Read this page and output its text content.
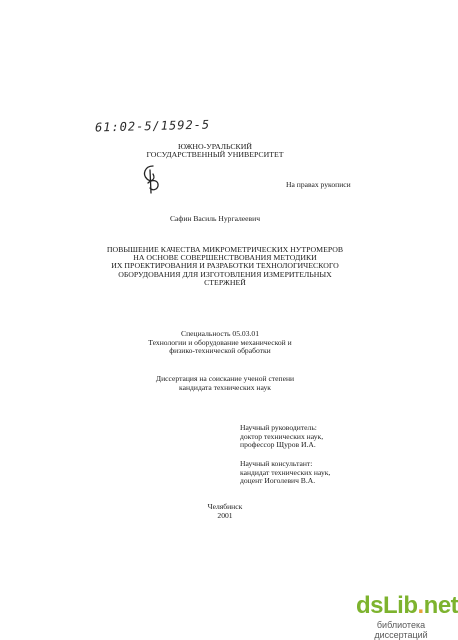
61:02-5/1592-5
ЮЖНО-УРАЛЬСКИЙ
ГОСУДАРСТВЕННЫЙ УНИВЕРСИТЕТ
На правах рукописи
Сафин Василь Нургалеевич
ПОВЫШЕНИЕ КАЧЕСТВА МИКРОМЕТРИЧЕСКИХ НУТРОМЕРОВ
НА ОСНОВЕ СОВЕРШЕНСТВОВАНИЯ МЕТОДИКИ
ИХ ПРОЕКТИРОВАНИЯ И РАЗРАБОТКИ ТЕХНОЛОГИЧЕСКОГО
ОБОРУДОВАНИЯ ДЛЯ ИЗГОТОВЛЕНИЯ ИЗМЕРИТЕЛЬНЫХ
СТЕРЖНЕЙ
Специальность 05.03.01
Технологии и оборудование механической и
физико-технической обработки
Диссертация на соискание ученой степени
кандидата технических наук
Научный руководитель:
доктор технических наук,
профессор Щуров И.А.
Научный консультант:
кандидат технических наук,
доцент Иоголевич В.А.
Челябинск
2001
dsLib.net
библиотека диссертаций
